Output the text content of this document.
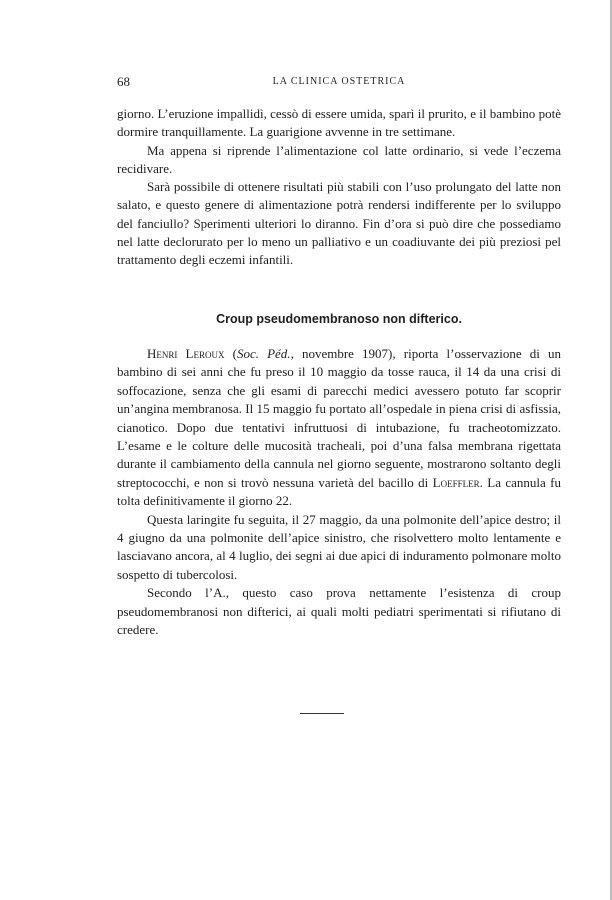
68	LA CLINICA OSTETRICA

giorno. L’eruzione impallidì, cessò di essere umida, sparì il prurito, e il bambino potè dormire tranquillamente. La guarigione avvenne in tre settimane.

Ma appena si riprende l’alimentazione col latte ordinario, si vede l’eczema recidivare.

Sarà possibile di ottenere risultati più stabili con l’uso prolungato del latte non salato, e questo genere di alimentazione potrà rendersi indifferente per lo sviluppo del fanciullo? Sperimenti ulteriori lo diranno. Fin d’ora si può dire che possediamo nel latte declorurato per lo meno un palliativo e un coadiuvante dei più preziosi pel trattamento degli eczemi infantili.

Croup pseudomembranoso non difterico.

Henri Leroux (Soc. Péd., novembre 1907), riporta l’osservazione di un bambino di sei anni che fu preso il 10 maggio da tosse rauca, il 14 da una crisi di soffocazione, senza che gli esami di parecchi medici avessero potuto far scoprir un’angina membranosa. Il 15 maggio fu portato all’ospedale in piena crisi di asfissia, cianotico. Dopo due tentativi infruttuosi di intubazione, fu tracheotomizzato. L’esame e le colture delle mucosità tracheali, poi d’una falsa membrana rigettata durante il cambiamento della cannula nel giorno seguente, mostrarono soltanto degli streptococchi, e non si trovò nessuna varietà del bacillo di Loeffler. La cannula fu tolta definitivamente il giorno 22.

Questa laringite fu seguita, il 27 maggio, da una polmonite dell’apice destro; il 4 giugno da una polmonite dell’apice sinistro, che risolvettero molto lentamente e lasciavano ancora, al 4 luglio, dei segni ai due apici di induramento polmonare molto sospetto di tubercolosi.

Secondo l’A., questo caso prova nettamente l’esistenza di croup pseudomembranosi non difterici, ai quali molti pediatri sperimentati si rifiutano di credere.
